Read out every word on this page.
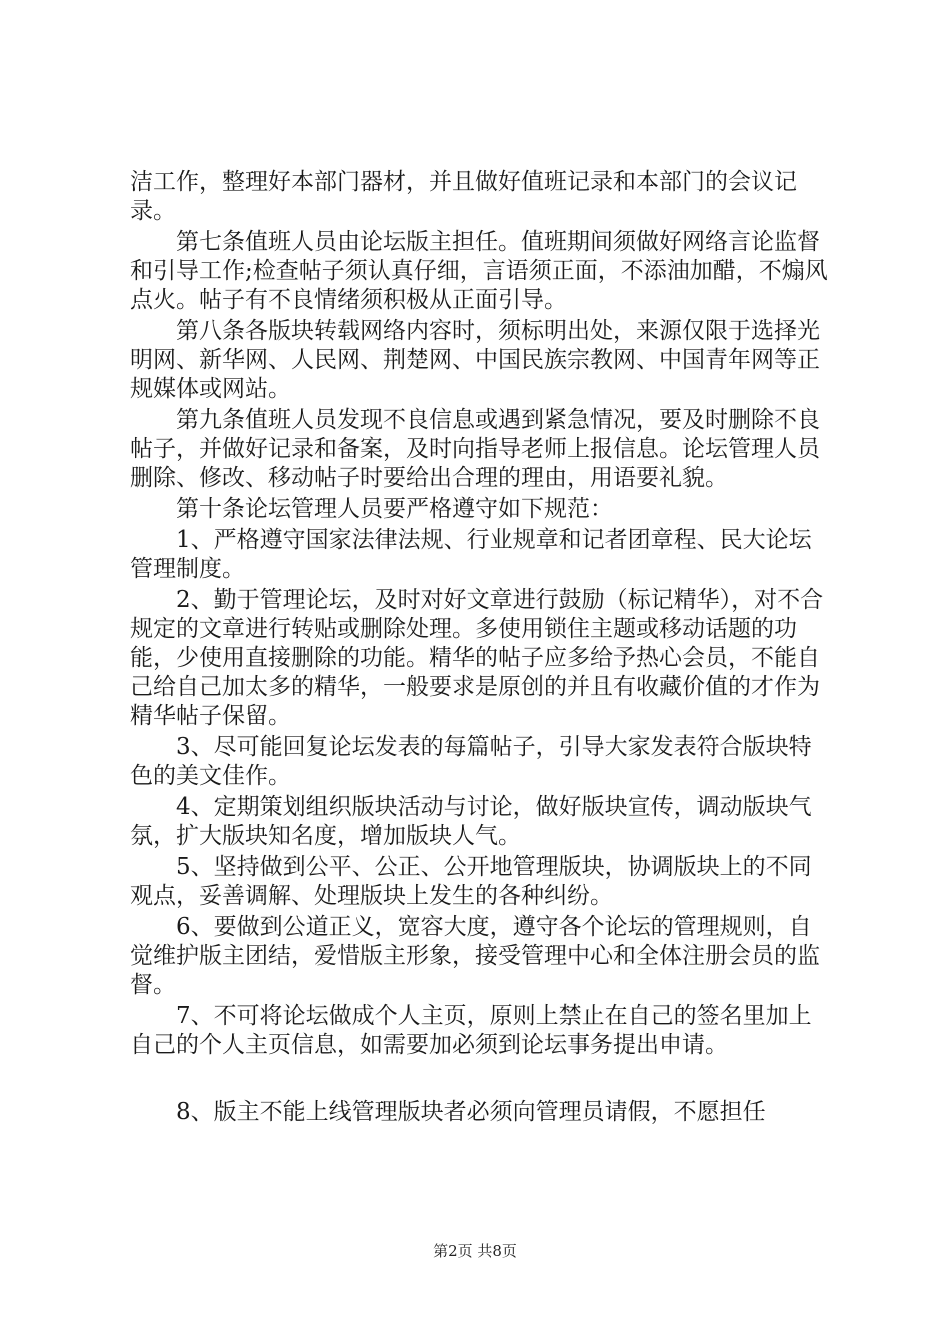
洁工作，整理好本部门器材，并且做好值班记录和本部门的会议记录。

　　第七条值班人员由论坛版主担任。值班期间须做好网络言论监督和引导工作;检查帖子须认真仔细，言语须正面，不添油加醋，不煽风点火。帖子有不良情绪须积极从正面引导。

　　第八条各版块转载网络内容时，须标明出处，来源仅限于选择光明网、新华网、人民网、荆楚网、中国民族宗教网、中国青年网等正规媒体或网站。

　　第九条值班人员发现不良信息或遇到紧急情况，要及时删除不良帖子，并做好记录和备案，及时向指导老师上报信息。论坛管理人员删除、修改、移动帖子时要给出合理的理由，用语要礼貌。

　　第十条论坛管理人员要严格遵守如下规范：

　　1、严格遵守国家法律法规、行业规章和记者团章程、民大论坛管理制度。

　　2、勤于管理论坛，及时对好文章进行鼓励（标记精华），对不合规定的文章进行转贴或删除处理。多使用锁住主题或移动话题的功能，少使用直接删除的功能。精华的帖子应多给予热心会员，不能自己给自己加太多的精华，一般要求是原创的并且有收藏价值的才作为精华帖子保留。

　　3、尽可能回复论坛发表的每篇帖子，引导大家发表符合版块特色的美文佳作。

　　4、定期策划组织版块活动与讨论，做好版块宣传，调动版块气氛，扩大版块知名度，增加版块人气。

　　5、坚持做到公平、公正、公开地管理版块，协调版块上的不同观点，妥善调解、处理版块上发生的各种纠纷。

　　6、要做到公道正义，宽容大度，遵守各个论坛的管理规则，自觉维护版主团结，爱惜版主形象，接受管理中心和全体注册会员的监督。

　　7、不可将论坛做成个人主页，原则上禁止在自己的签名里加上自己的个人主页信息，如需要加必须到论坛事务提出申请。

　　8、版主不能上线管理版块者必须向管理员请假，不愿担任

第2页 共8页
